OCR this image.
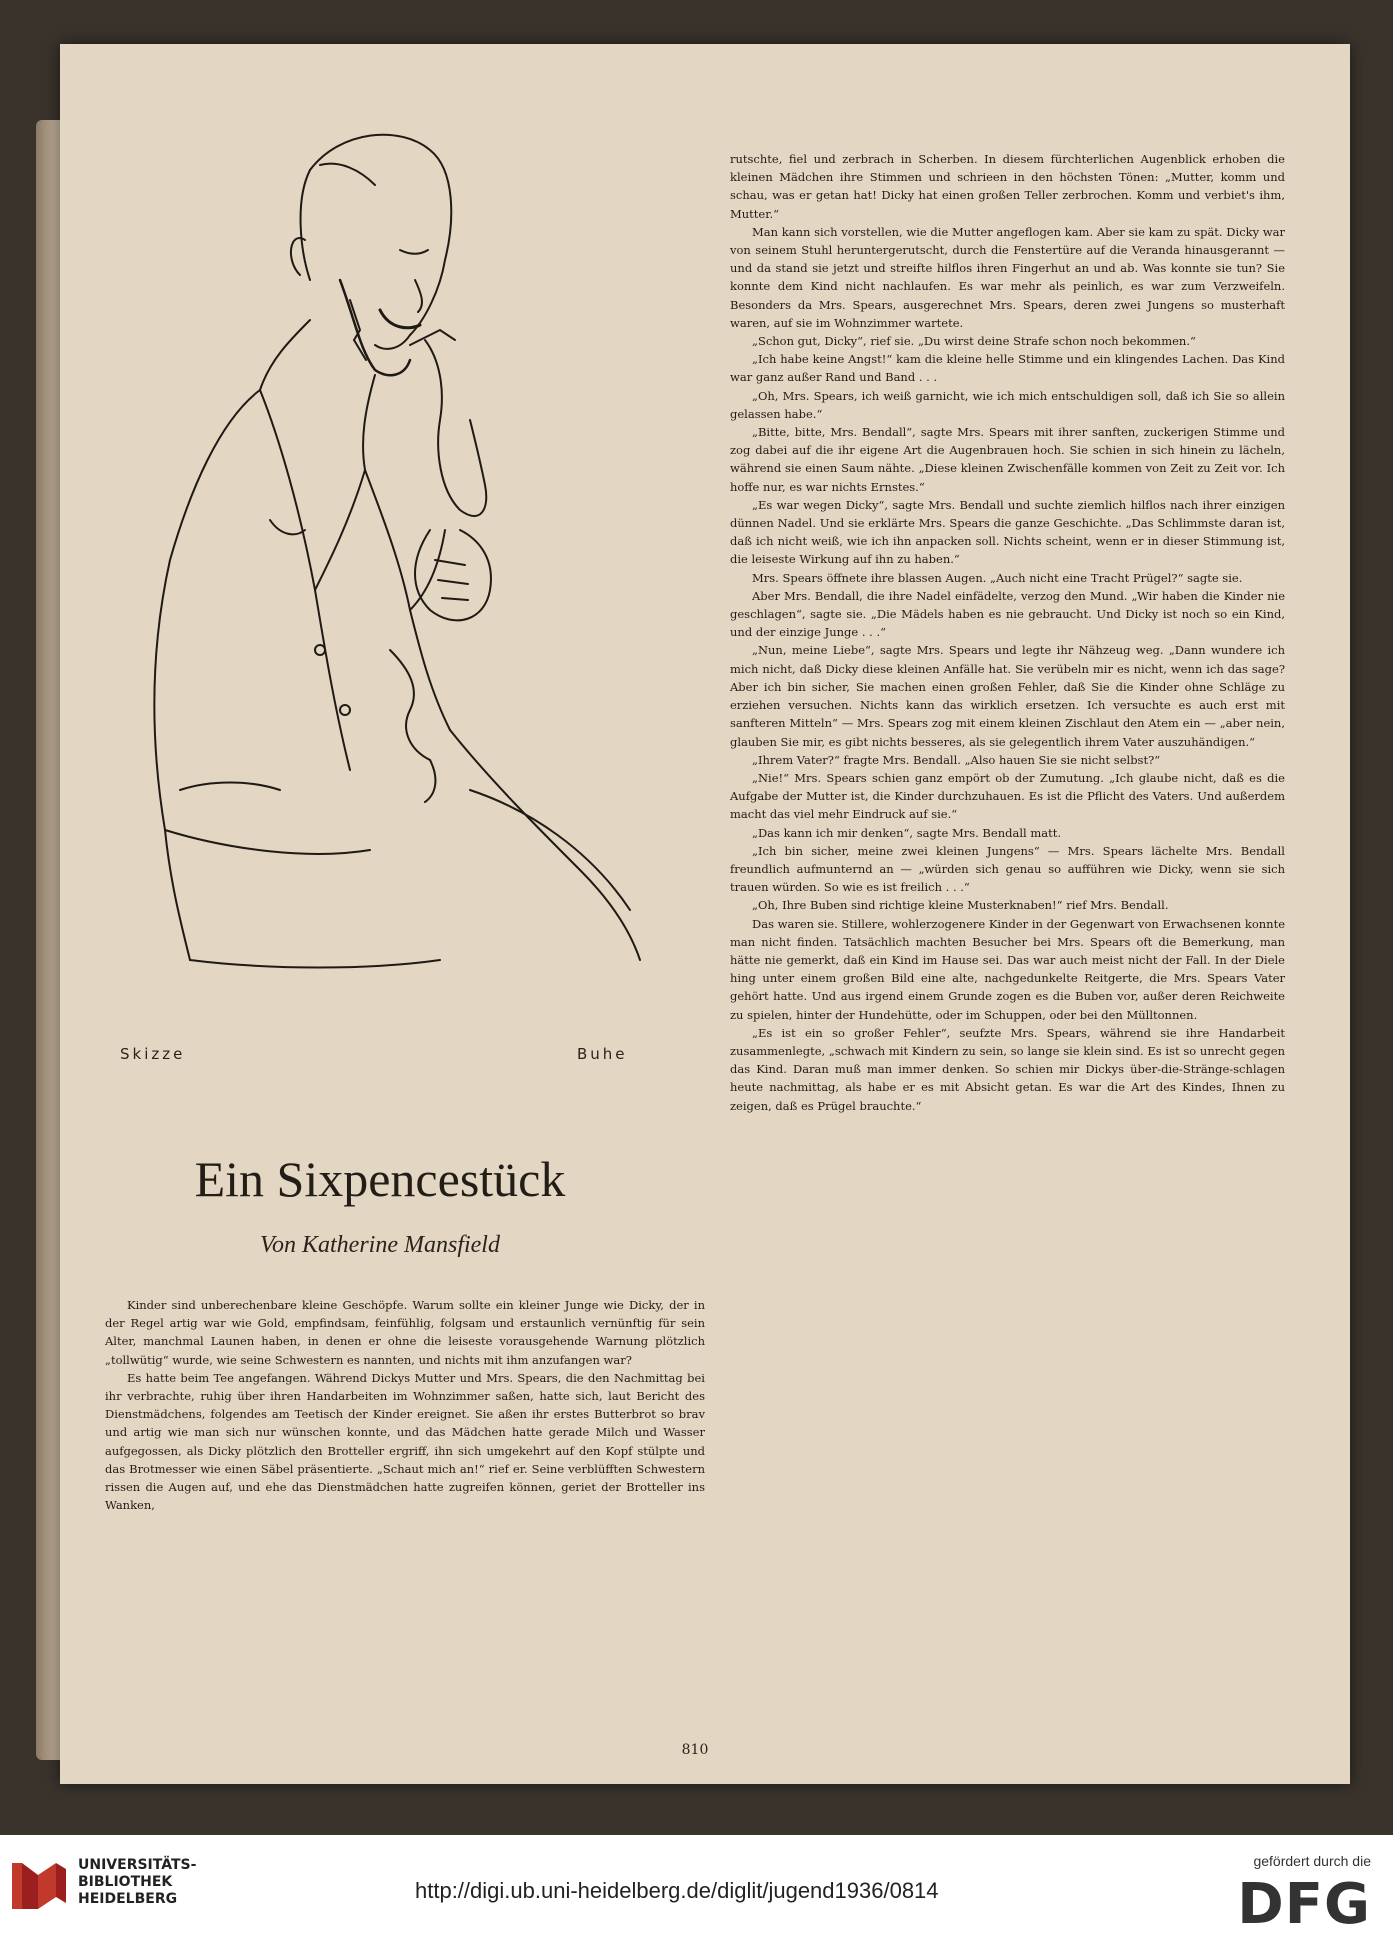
Skizze	Buhe
Ein Sixpencestück
Von Katherine Mansfield

Kinder sind unberechenbare kleine Geschöpfe. Warum sollte ein kleiner Junge wie Dicky, der in der Regel artig war wie Gold, empfindsam, feinfühlig, folgsam und erstaunlich vernünftig für sein Alter, manchmal Launen haben, in denen er ohne die leiseste vorausgehende Warnung plötzlich „tollwütig“ wurde, wie seine Schwestern es nannten, und nichts mit ihm anzufangen war?

Es hatte beim Tee angefangen. Während Dickys Mutter und Mrs. Spears, die den Nachmittag bei ihr verbrachte, ruhig über ihren Handarbeiten im Wohnzimmer saßen, hatte sich, laut Bericht des Dienstmädchens, folgendes am Teetisch der Kinder ereignet. Sie aßen ihr erstes Butterbrot so brav und artig wie man sich nur wünschen konnte, und das Mädchen hatte gerade Milch und Wasser aufgegossen, als Dicky plötzlich den Brotteller ergriff, ihn sich umgekehrt auf den Kopf stülpte und das Brotmesser wie einen Säbel präsentierte. „Schaut mich an!“ rief er. Seine verblüfften Schwestern rissen die Augen auf, und ehe das Dienstmädchen hatte zugreifen können, geriet der Brotteller ins Wanken,

rutschte, fiel und zerbrach in Scherben. In diesem fürchterlichen Augenblick erhoben die kleinen Mädchen ihre Stimmen und schrieen in den höchsten Tönen: „Mutter, komm und schau, was er getan hat! Dicky hat einen großen Teller zerbrochen. Komm und verbiet's ihm, Mutter.“

Man kann sich vorstellen, wie die Mutter angeflogen kam. Aber sie kam zu spät. Dicky war von seinem Stuhl heruntergerutscht, durch die Fenstertüre auf die Veranda hinausgerannt — und da stand sie jetzt und streifte hilflos ihren Fingerhut an und ab. Was konnte sie tun? Sie konnte dem Kind nicht nachlaufen. Es war mehr als peinlich, es war zum Verzweifeln. Besonders da Mrs. Spears, ausgerechnet Mrs. Spears, deren zwei Jungens so musterhaft waren, auf sie im Wohnzimmer wartete.

„Schon gut, Dicky“, rief sie. „Du wirst deine Strafe schon noch bekommen.“

„Ich habe keine Angst!“ kam die kleine helle Stimme und ein klingendes Lachen. Das Kind war ganz außer Rand und Band . . .

„Oh, Mrs. Spears, ich weiß garnicht, wie ich mich entschuldigen soll, daß ich Sie so allein gelassen habe.“

„Bitte, bitte, Mrs. Bendall“, sagte Mrs. Spears mit ihrer sanften, zuckerigen Stimme und zog dabei auf die ihr eigene Art die Augenbrauen hoch. Sie schien in sich hinein zu lächeln, während sie einen Saum nähte. „Diese kleinen Zwischenfälle kommen von Zeit zu Zeit vor. Ich hoffe nur, es war nichts Ernstes.“

„Es war wegen Dicky“, sagte Mrs. Bendall und suchte ziemlich hilflos nach ihrer einzigen dünnen Nadel. Und sie erklärte Mrs. Spears die ganze Geschichte. „Das Schlimmste daran ist, daß ich nicht weiß, wie ich ihn anpacken soll. Nichts scheint, wenn er in dieser Stimmung ist, die leiseste Wirkung auf ihn zu haben.“

Mrs. Spears öffnete ihre blassen Augen. „Auch nicht eine Tracht Prügel?“ sagte sie.

Aber Mrs. Bendall, die ihre Nadel einfädelte, verzog den Mund. „Wir haben die Kinder nie geschlagen“, sagte sie. „Die Mädels haben es nie gebraucht. Und Dicky ist noch so ein Kind, und der einzige Junge . . .“

„Nun, meine Liebe“, sagte Mrs. Spears und legte ihr Nähzeug weg. „Dann wundere ich mich nicht, daß Dicky diese kleinen Anfälle hat. Sie verübeln mir es nicht, wenn ich das sage? Aber ich bin sicher, Sie machen einen großen Fehler, daß Sie die Kinder ohne Schläge zu erziehen versuchen. Nichts kann das wirklich ersetzen. Ich versuchte es auch erst mit sanfteren Mitteln“ — Mrs. Spears zog mit einem kleinen Zischlaut den Atem ein — „aber nein, glauben Sie mir, es gibt nichts besseres, als sie gelegentlich ihrem Vater auszuhändigen.“

„Ihrem Vater?“ fragte Mrs. Bendall. „Also hauen Sie sie nicht selbst?“

„Nie!“ Mrs. Spears schien ganz empört ob der Zumutung. „Ich glaube nicht, daß es die Aufgabe der Mutter ist, die Kinder durchzuhauen. Es ist die Pflicht des Vaters. Und außerdem macht das viel mehr Eindruck auf sie.“

„Das kann ich mir denken“, sagte Mrs. Bendall matt.

„Ich bin sicher, meine zwei kleinen Jungens“ — Mrs. Spears lächelte Mrs. Bendall freundlich aufmunternd an — „würden sich genau so aufführen wie Dicky, wenn sie sich trauen würden. So wie es ist freilich . . .“

„Oh, Ihre Buben sind richtige kleine Musterknaben!“ rief Mrs. Bendall.

Das waren sie. Stillere, wohlerzogenere Kinder in der Gegenwart von Erwachsenen konnte man nicht finden. Tatsächlich machten Besucher bei Mrs. Spears oft die Bemerkung, man hätte nie gemerkt, daß ein Kind im Hause sei. Das war auch meist nicht der Fall. In der Diele hing unter einem großen Bild eine alte, nachgedunkelte Reitgerte, die Mrs. Spears Vater gehört hatte. Und aus irgend einem Grunde zogen es die Buben vor, außer deren Reichweite zu spielen, hinter der Hundehütte, oder im Schuppen, oder bei den Mülltonnen.

„Es ist ein so großer Fehler“, seufzte Mrs. Spears, während sie ihre Handarbeit zusammenlegte, „schwach mit Kindern zu sein, so lange sie klein sind. Es ist so unrecht gegen das Kind. Daran muß man immer denken. So schien mir Dickys über-die-Stränge-schlagen heute nachmittag, als habe er es mit Absicht getan. Es war die Art des Kindes, Ihnen zu zeigen, daß es Prügel brauchte.“

810
UNIVERSITÄTS-
BIBLIOTHEK
HEIDELBERG	http://digi.ub.uni-heidelberg.de/diglit/jugend1936/0814
gefördert durch die
DFG
